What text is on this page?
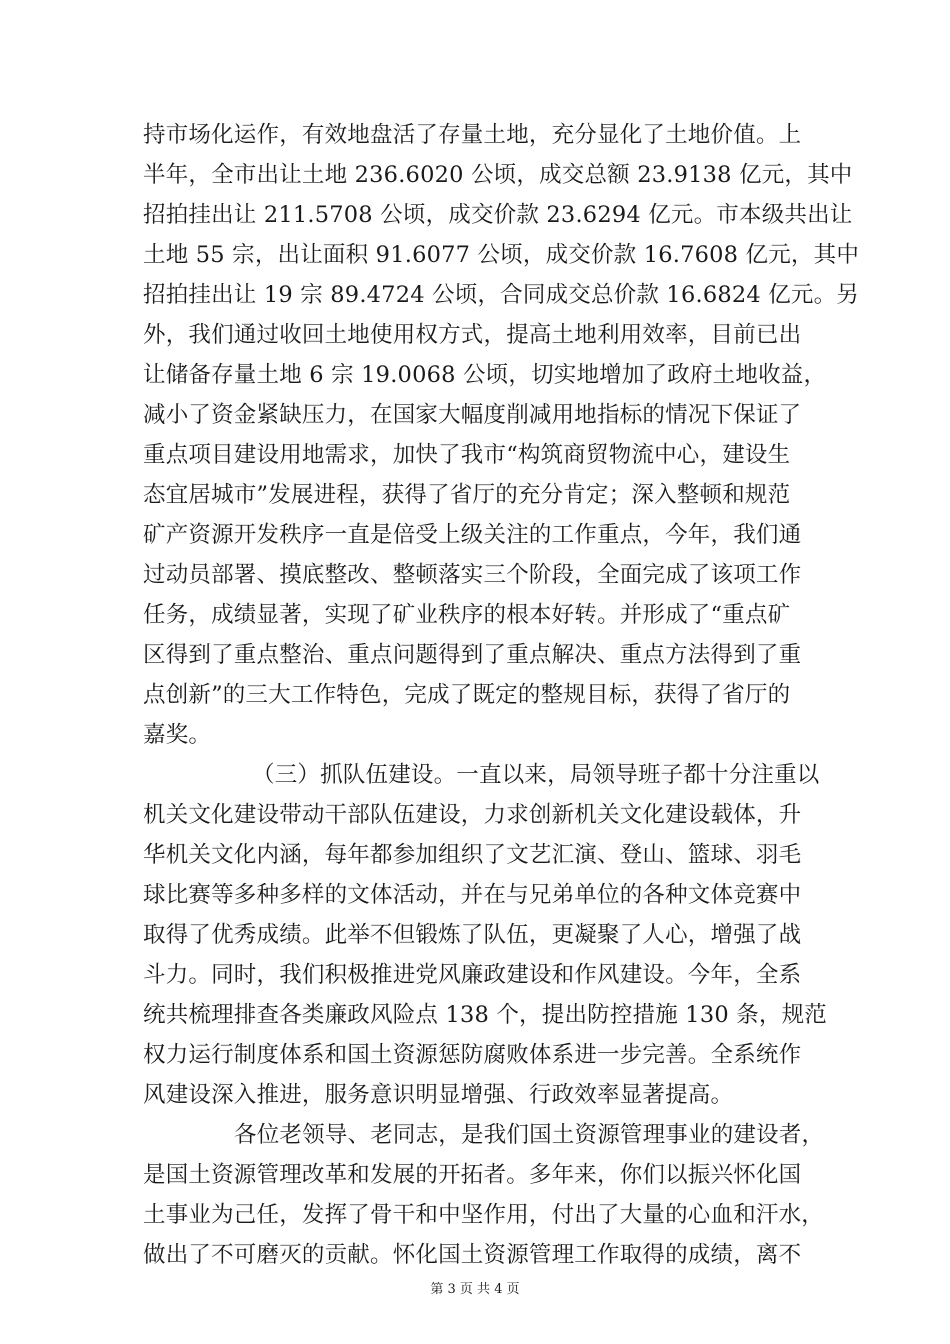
持市场化运作，有效地盘活了存量土地，充分显化了土地价值。上
半年，全市出让土地 236.6020 公顷，成交总额 23.9138 亿元，其中
招拍挂出让 211.5708 公顷，成交价款 23.6294 亿元。市本级共出让
土地 55 宗，出让面积 91.6077 公顷，成交价款 16.7608 亿元，其中
招拍挂出让 19 宗 89.4724 公顷，合同成交总价款 16.6824 亿元。另
外，我们通过收回土地使用权方式，提高土地利用效率，目前已出
让储备存量土地 6 宗 19.0068 公顷，切实地增加了政府土地收益，
减小了资金紧缺压力，在国家大幅度削减用地指标的情况下保证了
重点项目建设用地需求，加快了我市“构筑商贸物流中心，建设生
态宜居城市”发展进程，获得了省厅的充分肯定；深入整顿和规范
矿产资源开发秩序一直是倍受上级关注的工作重点，今年，我们通
过动员部署、摸底整改、整顿落实三个阶段，全面完成了该项工作
任务，成绩显著，实现了矿业秩序的根本好转。并形成了“重点矿
区得到了重点整治、重点问题得到了重点解决、重点方法得到了重
点创新”的三大工作特色，完成了既定的整规目标，获得了省厅的
嘉奖。
（三）抓队伍建设。一直以来，局领导班子都十分注重以
机关文化建设带动干部队伍建设，力求创新机关文化建设载体，升
华机关文化内涵，每年都参加组织了文艺汇演、登山、篮球、羽毛
球比赛等多种多样的文体活动，并在与兄弟单位的各种文体竞赛中
取得了优秀成绩。此举不但锻炼了队伍，更凝聚了人心，增强了战
斗力。同时，我们积极推进党风廉政建设和作风建设。今年，全系
统共梳理排查各类廉政风险点 138 个，提出防控措施 130 条，规范
权力运行制度体系和国土资源惩防腐败体系进一步完善。全系统作
风建设深入推进，服务意识明显增强、行政效率显著提高。
各位老领导、老同志，是我们国土资源管理事业的建设者，
是国土资源管理改革和发展的开拓者。多年来，你们以振兴怀化国
土事业为己任，发挥了骨干和中坚作用，付出了大量的心血和汗水，
做出了不可磨灭的贡献。怀化国土资源管理工作取得的成绩，离不
第 3 页 共 4 页
